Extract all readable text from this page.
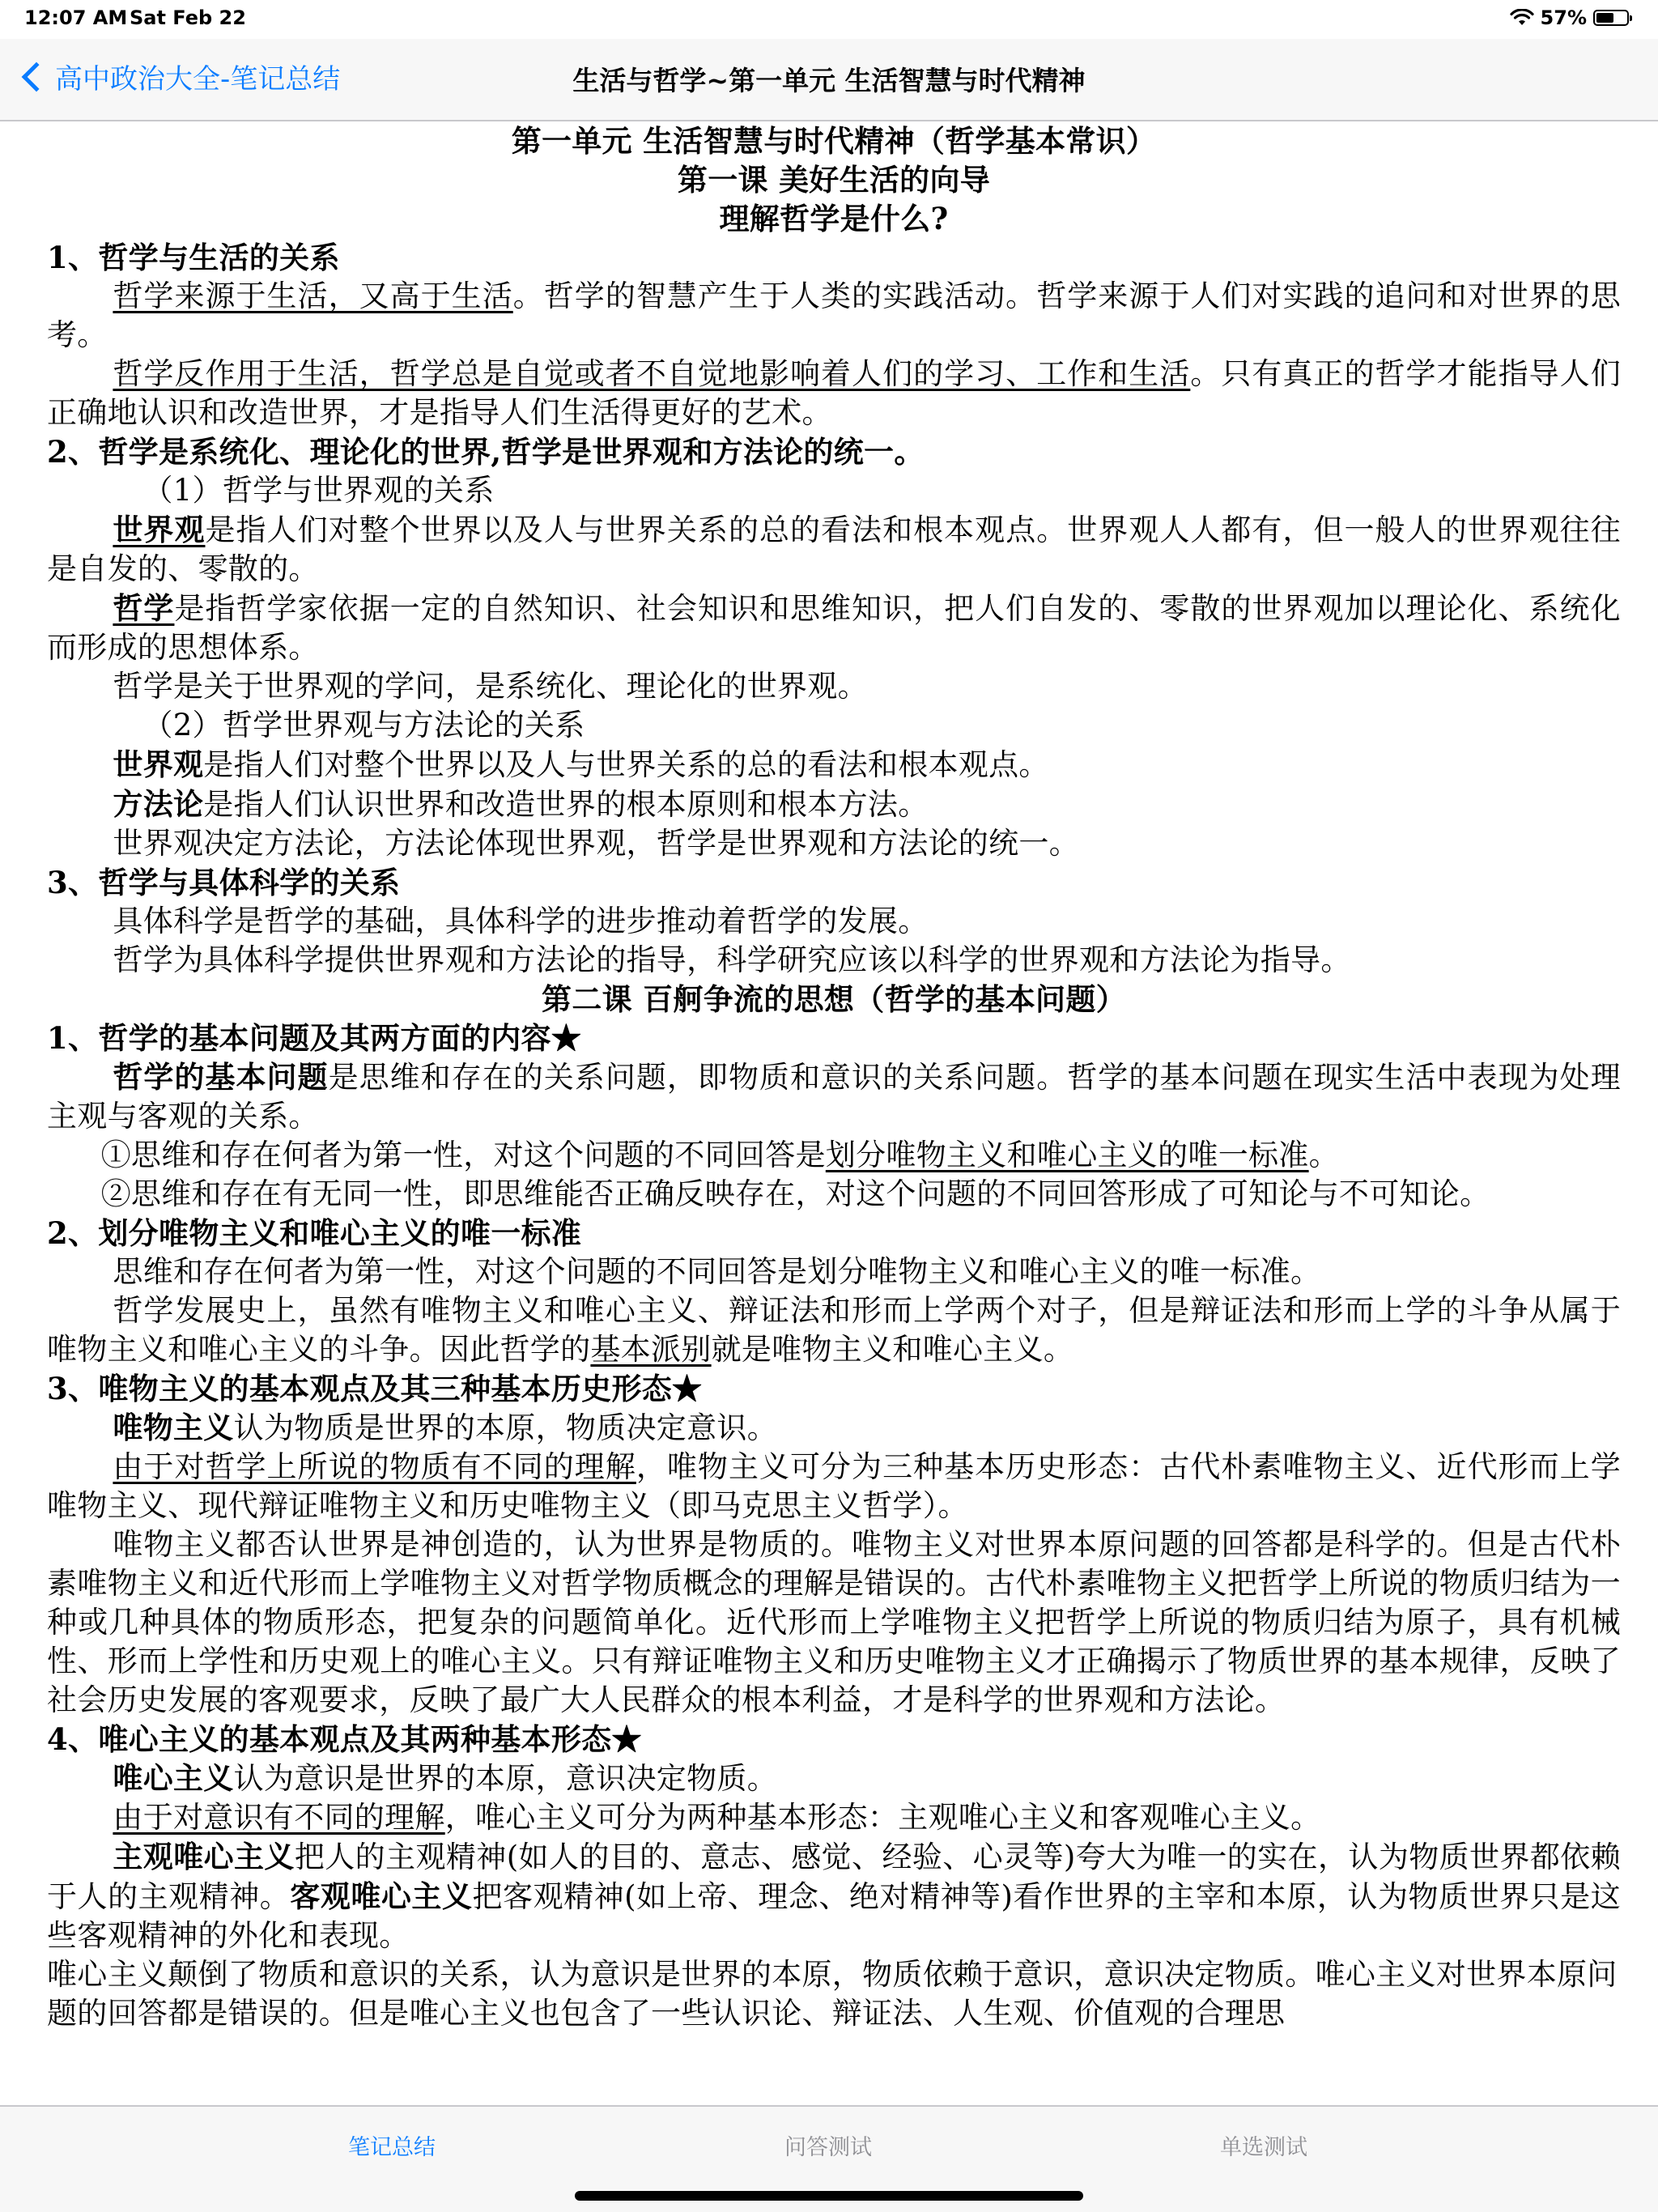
12:07 AM Sat Feb 22	57%
高中政治大全-笔记总结	生活与哲学~第一单元 生活智慧与时代精神
第一单元 生活智慧与时代精神（哲学基本常识）
第一课 美好生活的向导
理解哲学是什么?
1、哲学与生活的关系

哲学来源于生活，又高于生活。哲学的智慧产生于人类的实践活动。哲学来源于人们对实践的追问和对世界的思考。

哲学反作用于生活，哲学总是自觉或者不自觉地影响着人们的学习、工作和生活。只有真正的哲学才能指导人们正确地认识和改造世界，才是指导人们生活得更好的艺术。

2、哲学是系统化、理论化的世界,哲学是世界观和方法论的统一。

（1）哲学与世界观的关系

世界观是指人们对整个世界以及人与世界关系的总的看法和根本观点。世界观人人都有，但一般人的世界观往往是自发的、零散的。

哲学是指哲学家依据一定的自然知识、社会知识和思维知识，把人们自发的、零散的世界观加以理论化、系统化而形成的思想体系。

哲学是关于世界观的学问，是系统化、理论化的世界观。

（2）哲学世界观与方法论的关系

世界观是指人们对整个世界以及人与世界关系的总的看法和根本观点。

方法论是指人们认识世界和改造世界的根本原则和根本方法。

世界观决定方法论，方法论体现世界观，哲学是世界观和方法论的统一。

3、哲学与具体科学的关系

具体科学是哲学的基础，具体科学的进步推动着哲学的发展。

哲学为具体科学提供世界观和方法论的指导，科学研究应该以科学的世界观和方法论为指导。

第二课 百舸争流的思想（哲学的基本问题）
1、哲学的基本问题及其两方面的内容★

哲学的基本问题是思维和存在的关系问题，即物质和意识的关系问题。哲学的基本问题在现实生活中表现为处理主观与客观的关系。

①思维和存在何者为第一性，对这个问题的不同回答是划分唯物主义和唯心主义的唯一标准。

②思维和存在有无同一性，即思维能否正确反映存在，对这个问题的不同回答形成了可知论与不可知论。

2、划分唯物主义和唯心主义的唯一标准

思维和存在何者为第一性，对这个问题的不同回答是划分唯物主义和唯心主义的唯一标准。

哲学发展史上，虽然有唯物主义和唯心主义、辩证法和形而上学两个对子，但是辩证法和形而上学的斗争从属于唯物主义和唯心主义的斗争。因此哲学的基本派别就是唯物主义和唯心主义。

3、唯物主义的基本观点及其三种基本历史形态★

唯物主义认为物质是世界的本原，物质决定意识。

由于对哲学上所说的物质有不同的理解，唯物主义可分为三种基本历史形态：古代朴素唯物主义、近代形而上学唯物主义、现代辩证唯物主义和历史唯物主义（即马克思主义哲学）。

唯物主义都否认世界是神创造的，认为世界是物质的。唯物主义对世界本原问题的回答都是科学的。但是古代朴素唯物主义和近代形而上学唯物主义对哲学物质概念的理解是错误的。古代朴素唯物主义把哲学上所说的物质归结为一种或几种具体的物质形态，把复杂的问题简单化。近代形而上学唯物主义把哲学上所说的物质归结为原子，具有机械性、形而上学性和历史观上的唯心主义。只有辩证唯物主义和历史唯物主义才正确揭示了物质世界的基本规律，反映了社会历史发展的客观要求，反映了最广大人民群众的根本利益，才是科学的世界观和方法论。

4、唯心主义的基本观点及其两种基本形态★

唯心主义认为意识是世界的本原，意识决定物质。

由于对意识有不同的理解，唯心主义可分为两种基本形态：主观唯心主义和客观唯心主义。

主观唯心主义把人的主观精神(如人的目的、意志、感觉、经验、心灵等)夸大为唯一的实在，认为物质世界都依赖于人的主观精神。客观唯心主义把客观精神(如上帝、理念、绝对精神等)看作世界的主宰和本原，认为物质世界只是这些客观精神的外化和表现。

唯心主义颠倒了物质和意识的关系，认为意识是世界的本原，物质依赖于意识，意识决定物质。唯心主义对世界本原问题的回答都是错误的。但是唯心主义也包含了一些认识论、辩证法、人生观、价值观的合理思

笔记总结	问答测试	单选测试
